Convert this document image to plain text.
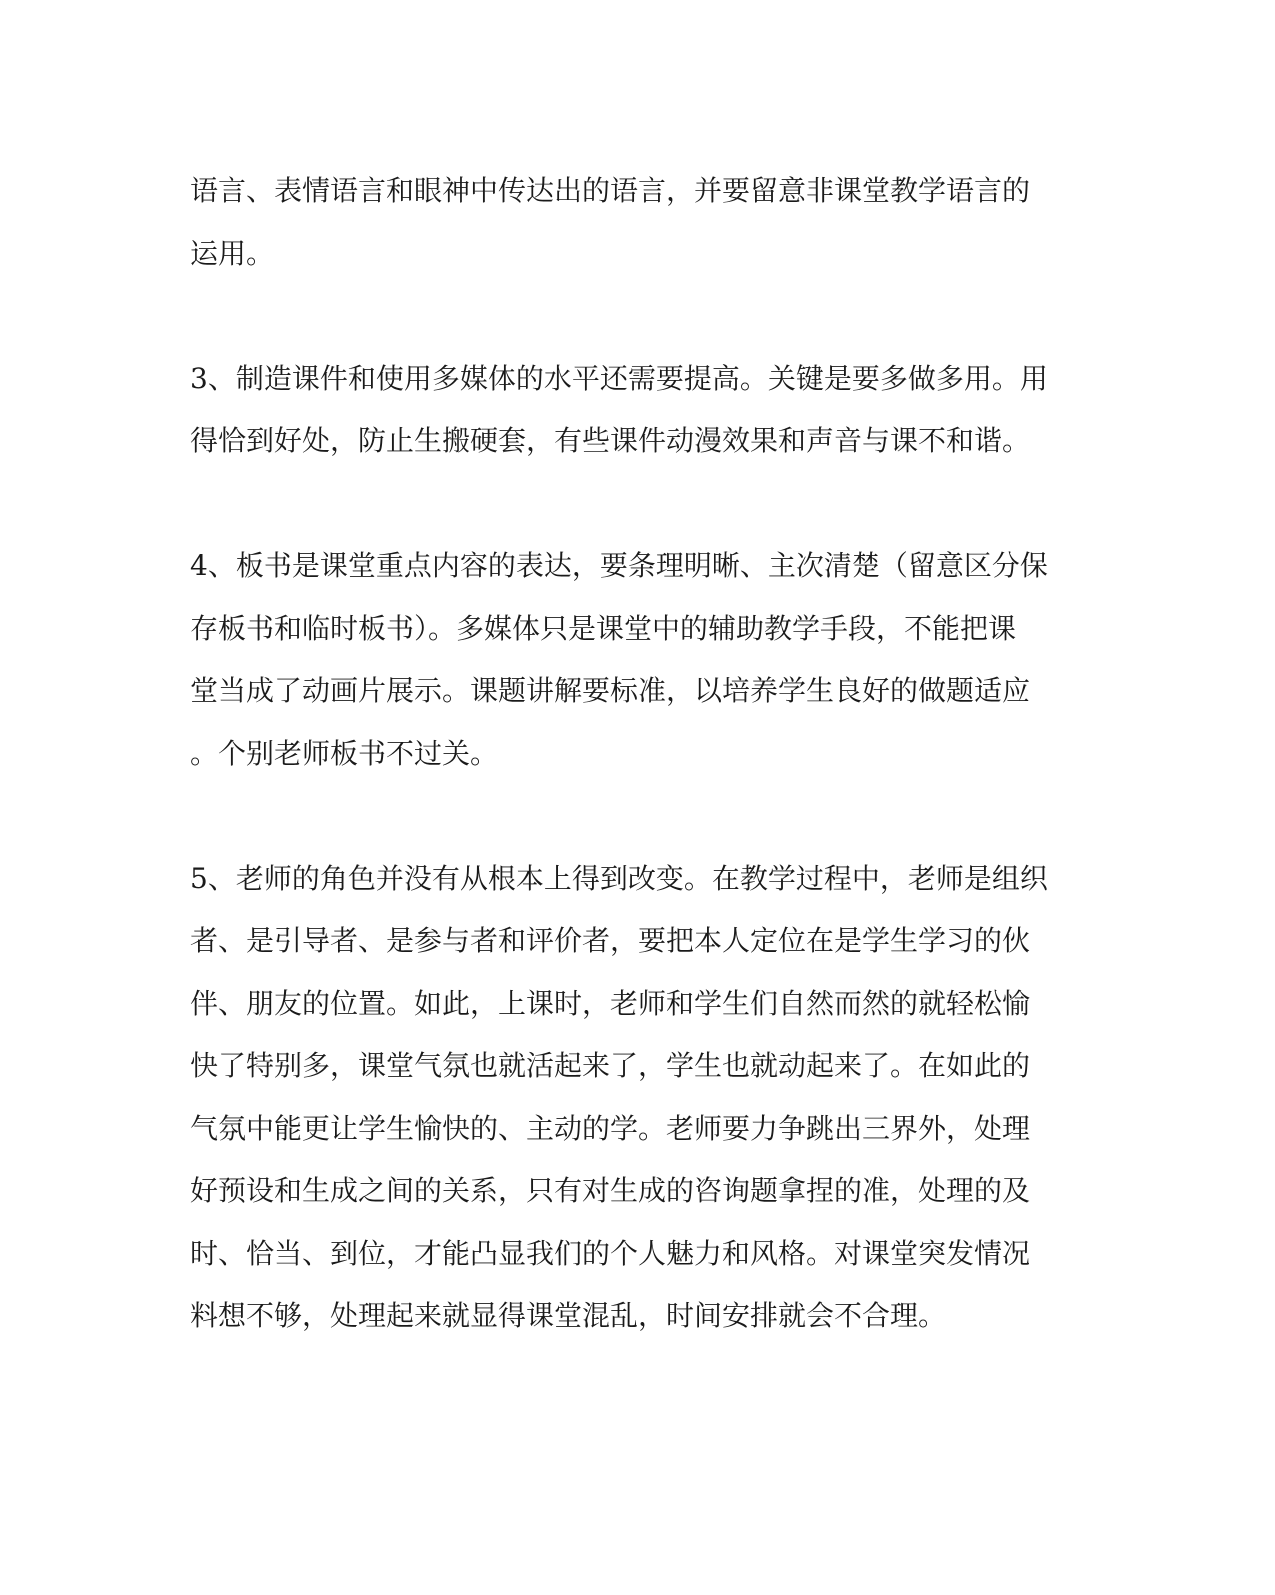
语言、表情语言和眼神中传达出的语言，并要留意非课堂教学语言的
运用。
3、制造课件和使用多媒体的水平还需要提高。关键是要多做多用。用
得恰到好处，防止生搬硬套，有些课件动漫效果和声音与课不和谐。
4、板书是课堂重点内容的表达，要条理明晰、主次清楚（留意区分保
存板书和临时板书）。多媒体只是课堂中的辅助教学手段，不能把课
堂当成了动画片展示。课题讲解要标准，以培养学生良好的做题适应
。个别老师板书不过关。
5、老师的角色并没有从根本上得到改变。在教学过程中，老师是组织
者、是引导者、是参与者和评价者，要把本人定位在是学生学习的伙
伴、朋友的位置。如此，上课时，老师和学生们自然而然的就轻松愉
快了特别多，课堂气氛也就活起来了，学生也就动起来了。在如此的
气氛中能更让学生愉快的、主动的学。老师要力争跳出三界外，处理
好预设和生成之间的关系，只有对生成的咨询题拿捏的准，处理的及
时、恰当、到位，才能凸显我们的个人魅力和风格。对课堂突发情况
料想不够，处理起来就显得课堂混乱，时间安排就会不合理。
